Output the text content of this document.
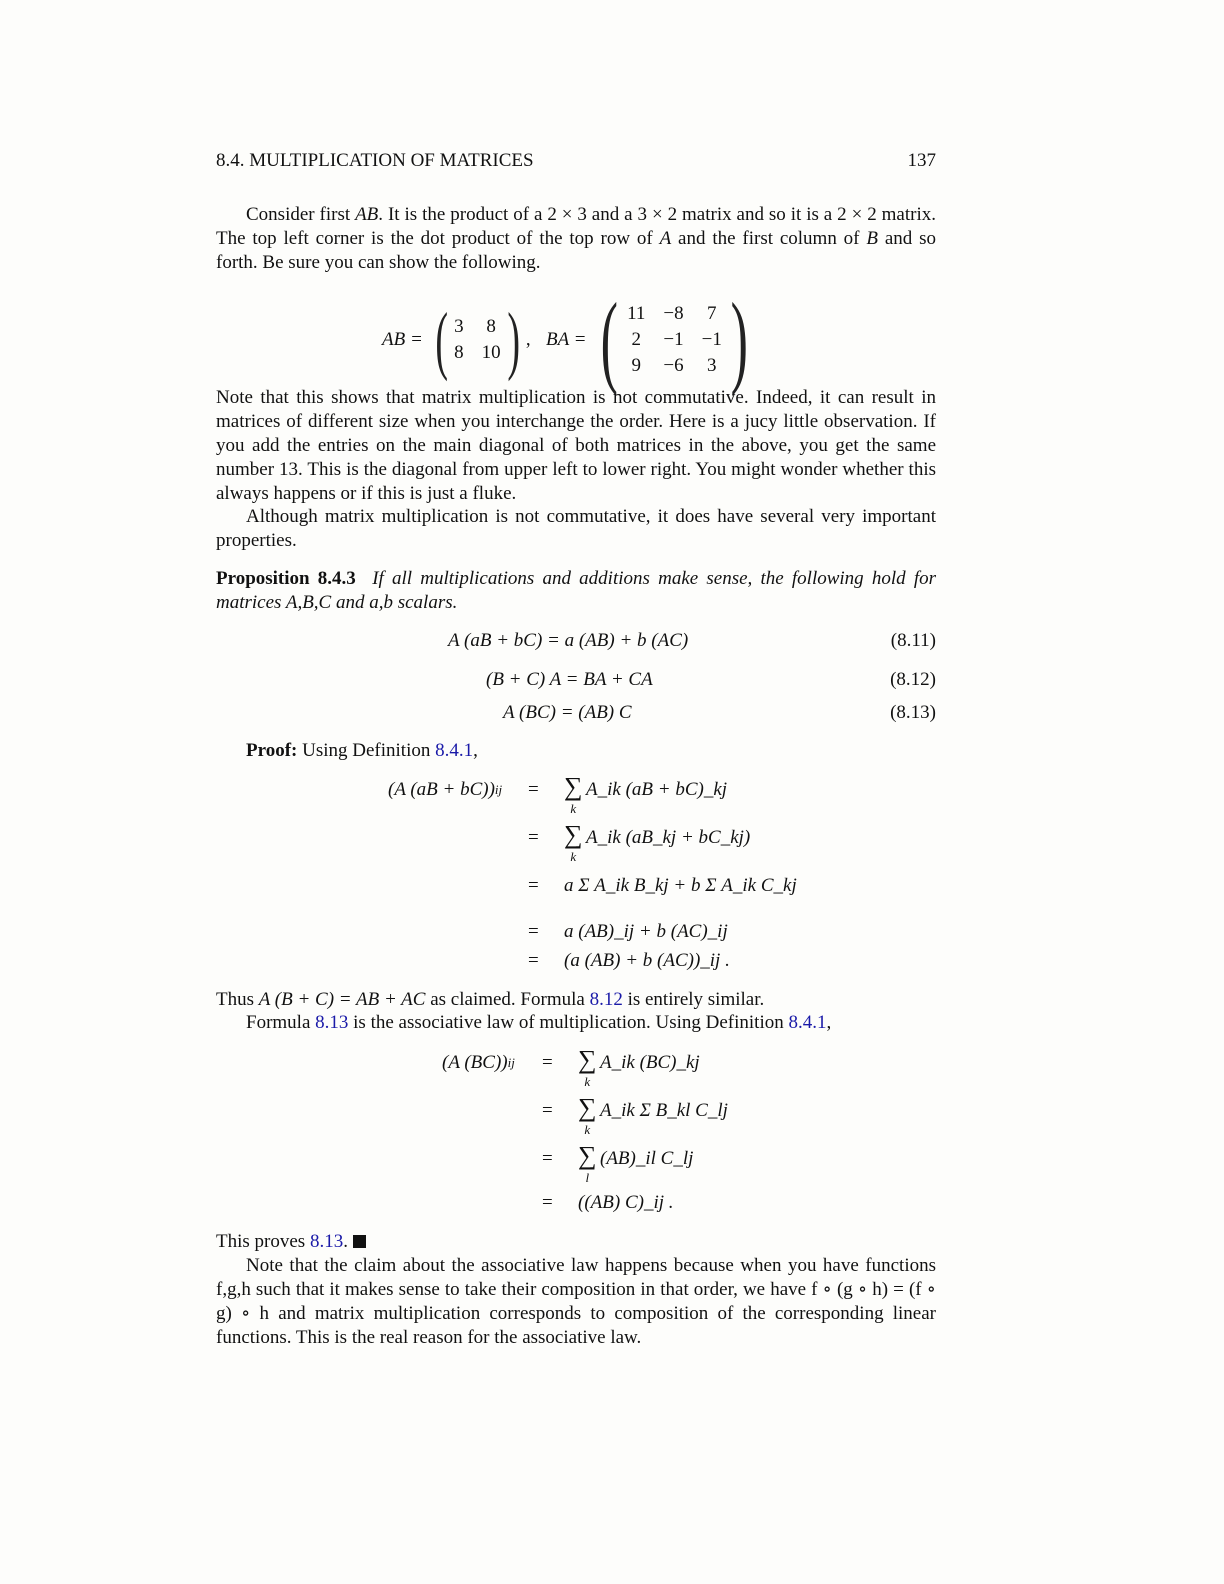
8.4. MULTIPLICATION OF MATRICES	137
Consider first AB. It is the product of a 2 × 3 and a 3 × 2 matrix and so it is a 2 × 2 matrix. The top left corner is the dot product of the top row of A and the first column of B and so forth. Be sure you can show the following.
AB = ( 3 8
8 10 ) , BA = ( 11 −8 7
2 −1 −1
9 −6 3 )
Note that this shows that matrix multiplication is not commutative. Indeed, it can result in matrices of different size when you interchange the order. Here is a jucy little observation. If you add the entries on the main diagonal of both matrices in the above, you get the same number 13. This is the diagonal from upper left to lower right. You might wonder whether this always happens or if this is just a fluke.
Although matrix multiplication is not commutative, it does have several very important properties.
Proposition 8.4.3 If all multiplications and additions make sense, the following hold for matrices A,B,C and a,b scalars.
A (aB + bC) = a (AB) + b (AC)	(8.11)
(B + C) A = BA + CA	(8.12)
A (BC) = (AB) C	(8.13)
Proof: Using Definition 8.4.1,
(A (aB + bC)) ij = ∑
k
A_ik (aB + bC)_kj
= ∑
k
A_ik (aB_kj + bC_kj)
= a Σ A_ik B_kj + b Σ A_ik C_kj
= a (AB)_ij + b (AC)_ij
= (a (AB) + b (AC))_ij .
Thus A (B + C) = AB + AC as claimed. Formula 8.12 is entirely similar.
Formula 8.13 is the associative law of multiplication. Using Definition 8.4.1,
(A (BC)) ij = ∑
k
A_ik (BC)_kj
= ∑
k
A_ik Σ B_kl C_lj
= ∑
l
(AB)_il C_lj
= ((AB) C)_ij .
This proves 8.13.
Note that the claim about the associative law happens because when you have functions f,g,h such that it makes sense to take their composition in that order, we have f ∘ (g ∘ h) = (f ∘ g) ∘ h and matrix multiplication corresponds to composition of the corresponding linear functions. This is the real reason for the associative law.
